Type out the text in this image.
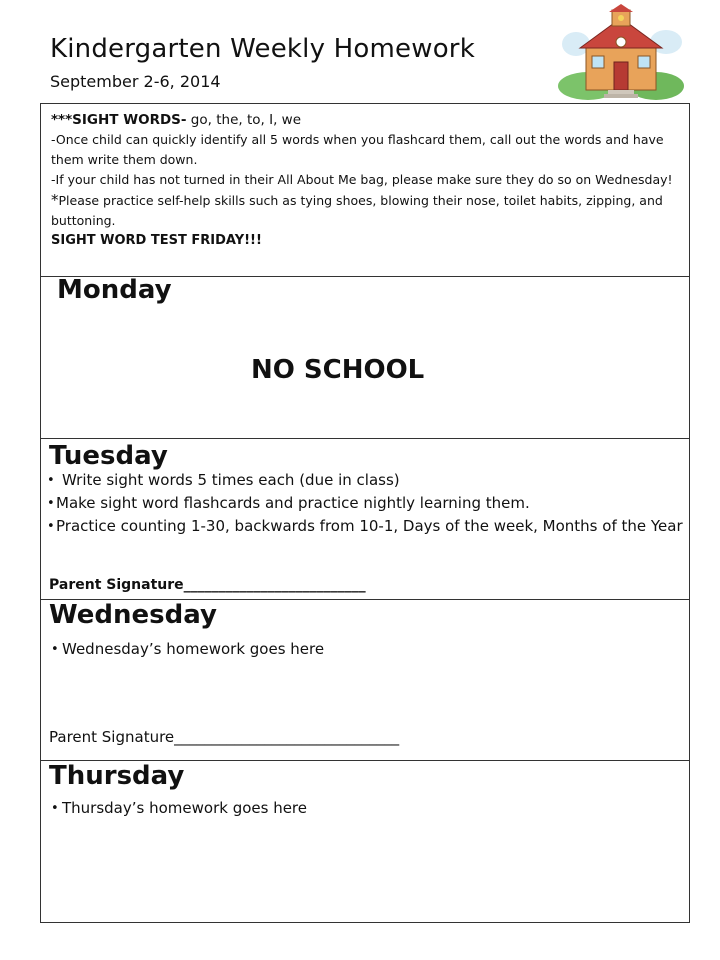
Kindergarten Weekly Homework
September 2-6, 2014
***SIGHT WORDS- go, the, to, I, we
-Once child can quickly identify all 5 words when you flashcard them, call out the words and have them write them down.
-If your child has not turned in their All About Me bag, please make sure they do so on Wednesday!
*Please practice self-help skills such as tying shoes, blowing their nose, toilet habits, zipping, and buttoning.
SIGHT WORD TEST FRIDAY!!!
Monday
NO SCHOOL
Tuesday
• Write sight words 5 times each (due in class)
• Make sight word flashcards and practice nightly learning them.
• Practice counting 1-30, backwards from 10-1, Days of the week, Months of the Year
Parent Signature__________________________
Wednesday
• Wednesday’s homework goes here
Parent Signature______________________________
Thursday
• Thursday’s homework goes here
